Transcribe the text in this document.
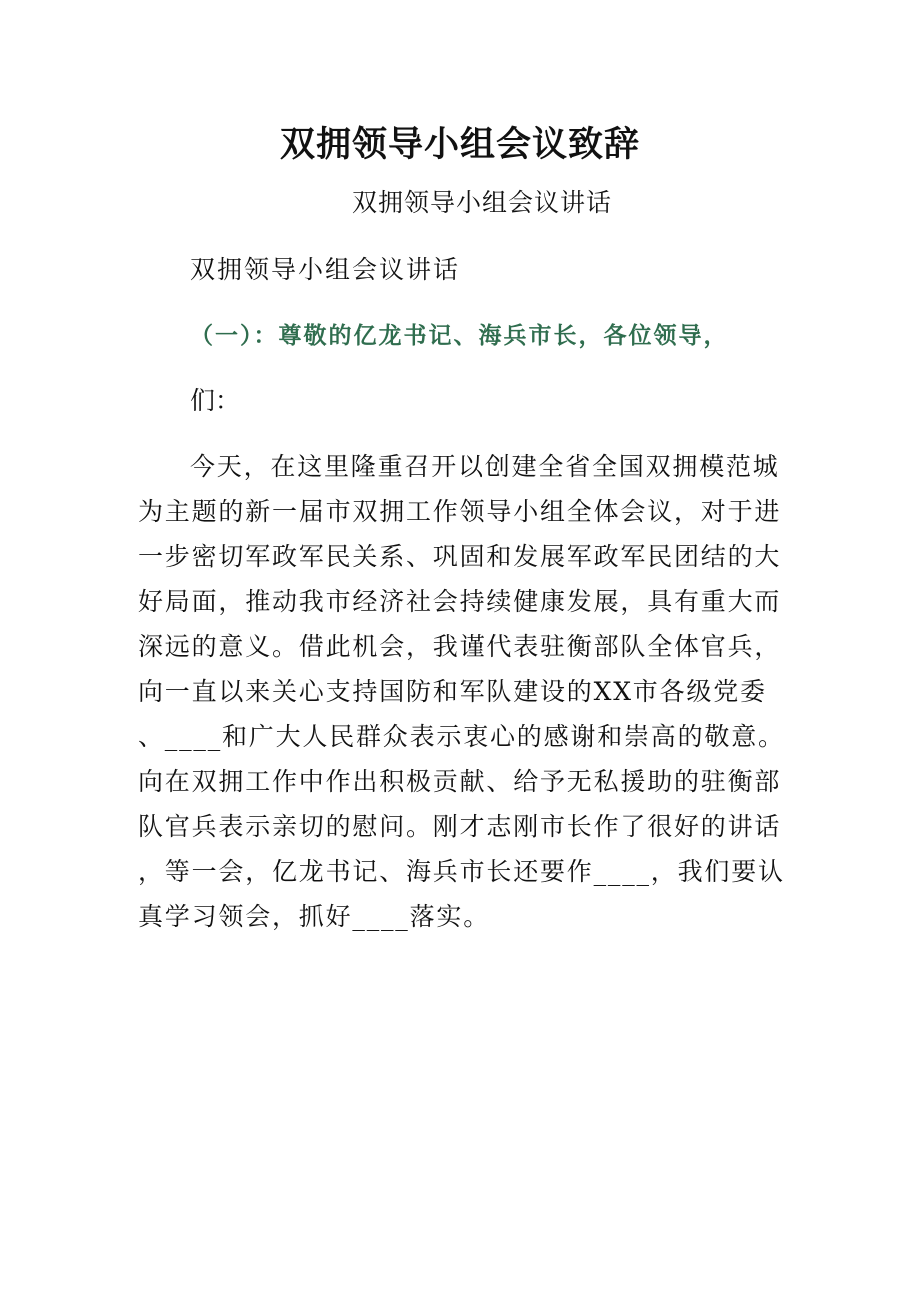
双拥领导小组会议致辞
双拥领导小组会议讲话
双拥领导小组会议讲话
（一）：尊敬的亿龙书记、海兵市长，各位领导，
们：
今天，在这里隆重召开以创建全省全国双拥模范城
为主题的新一届市双拥工作领导小组全体会议，对于进
一步密切军政军民关系、巩固和发展军政军民团结的大
好局面，推动我市经济社会持续健康发展，具有重大而
深远的意义。借此机会，我谨代表驻衡部队全体官兵，
向一直以来关心支持国防和军队建设的XX市各级党委
、____和广大人民群众表示衷心的感谢和崇高的敬意。
向在双拥工作中作出积极贡献、给予无私援助的驻衡部
队官兵表示亲切的慰问。刚才志刚市长作了很好的讲话
，等一会，亿龙书记、海兵市长还要作____，我们要认
真学习领会，抓好____落实。
